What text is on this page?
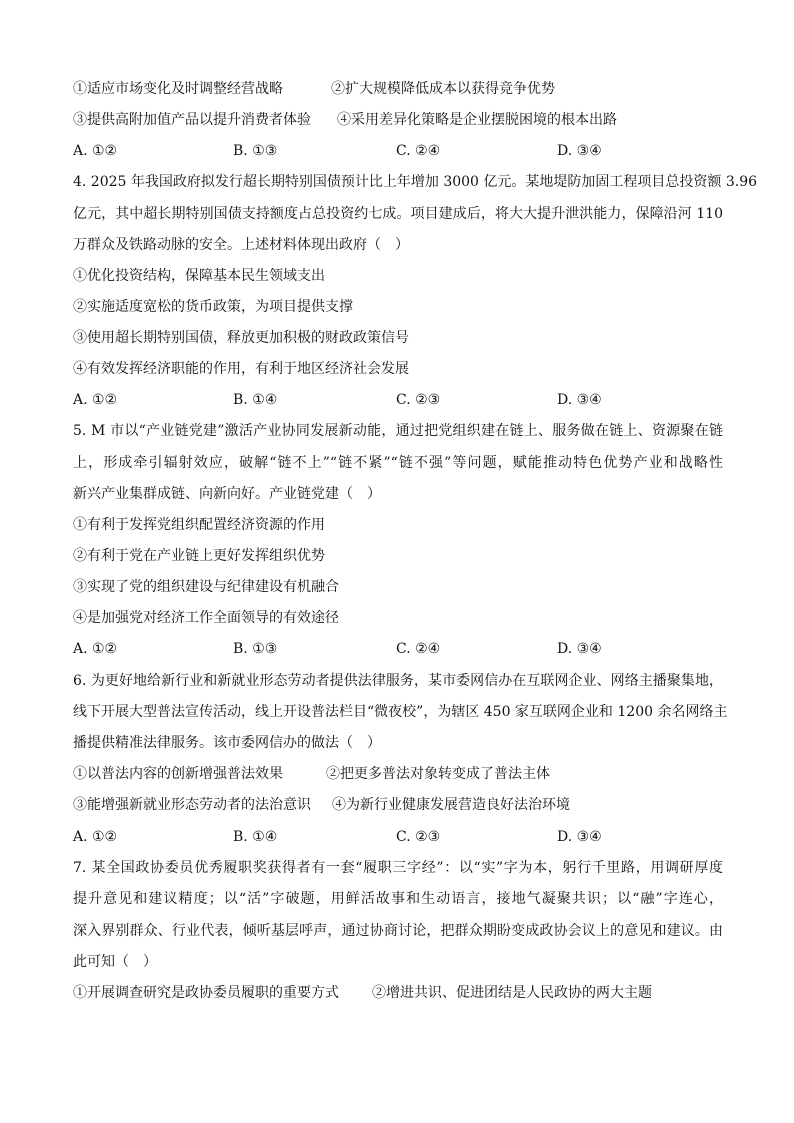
①适应市场变化及时调整经营战略	②扩大规模降低成本以获得竞争优势
③提供高附加值产品以提升消费者体验 ④采用差异化策略是企业摆脱困境的根本出路
A. ①②	B. ①③	C. ②④	D. ③④
4. 2025 年我国政府拟发行超长期特别国债预计比上年增加 3000 亿元。某地堤防加固工程项目总投资额 3.96
亿元，其中超长期特别国债支持额度占总投资约七成。项目建成后，将大大提升泄洪能力，保障沿河 110
万群众及铁路动脉的安全。上述材料体现出政府（　）
①优化投资结构，保障基本民生领域支出
②实施适度宽松的货币政策，为项目提供支撑
③使用超长期特别国债，释放更加积极的财政政策信号
④有效发挥经济职能的作用，有利于地区经济社会发展
A. ①②	B. ①④	C. ②③	D. ③④
5. M 市以“产业链党建”激活产业协同发展新动能，通过把党组织建在链上、服务做在链上、资源聚在链
上，形成牵引辐射效应，破解“链不上”“链不紧”“链不强”等问题，赋能推动特色优势产业和战略性
新兴产业集群成链、向新向好。产业链党建（　）
①有利于发挥党组织配置经济资源的作用
②有利于党在产业链上更好发挥组织优势
③实现了党的组织建设与纪律建设有机融合
④是加强党对经济工作全面领导的有效途径
A. ①②	B. ①③	C. ②④	D. ③④
6. 为更好地给新行业和新就业形态劳动者提供法律服务，某市委网信办在互联网企业、网络主播聚集地，
线下开展大型普法宣传活动，线上开设普法栏目“微夜校”，为辖区 450 家互联网企业和 1200 余名网络主
播提供精准法律服务。该市委网信办的做法（　）
①以普法内容的创新增强普法效果	②把更多普法对象转变成了普法主体
③能增强新就业形态劳动者的法治意识 ④为新行业健康发展营造良好法治环境
A. ①②	B. ①④	C. ②③	D. ③④
7. 某全国政协委员优秀履职奖获得者有一套“履职三字经”：以“实”字为本，躬行千里路，用调研厚度
提升意见和建议精度；以“活”字破题，用鲜活故事和生动语言，接地气凝聚共识；以“融”字连心，
深入界别群众、行业代表，倾听基层呼声，通过协商讨论，把群众期盼变成政协会议上的意见和建议。由
此可知（　）
①开展调查研究是政协委员履职的重要方式 ②增进共识、促进团结是人民政协的两大主题
